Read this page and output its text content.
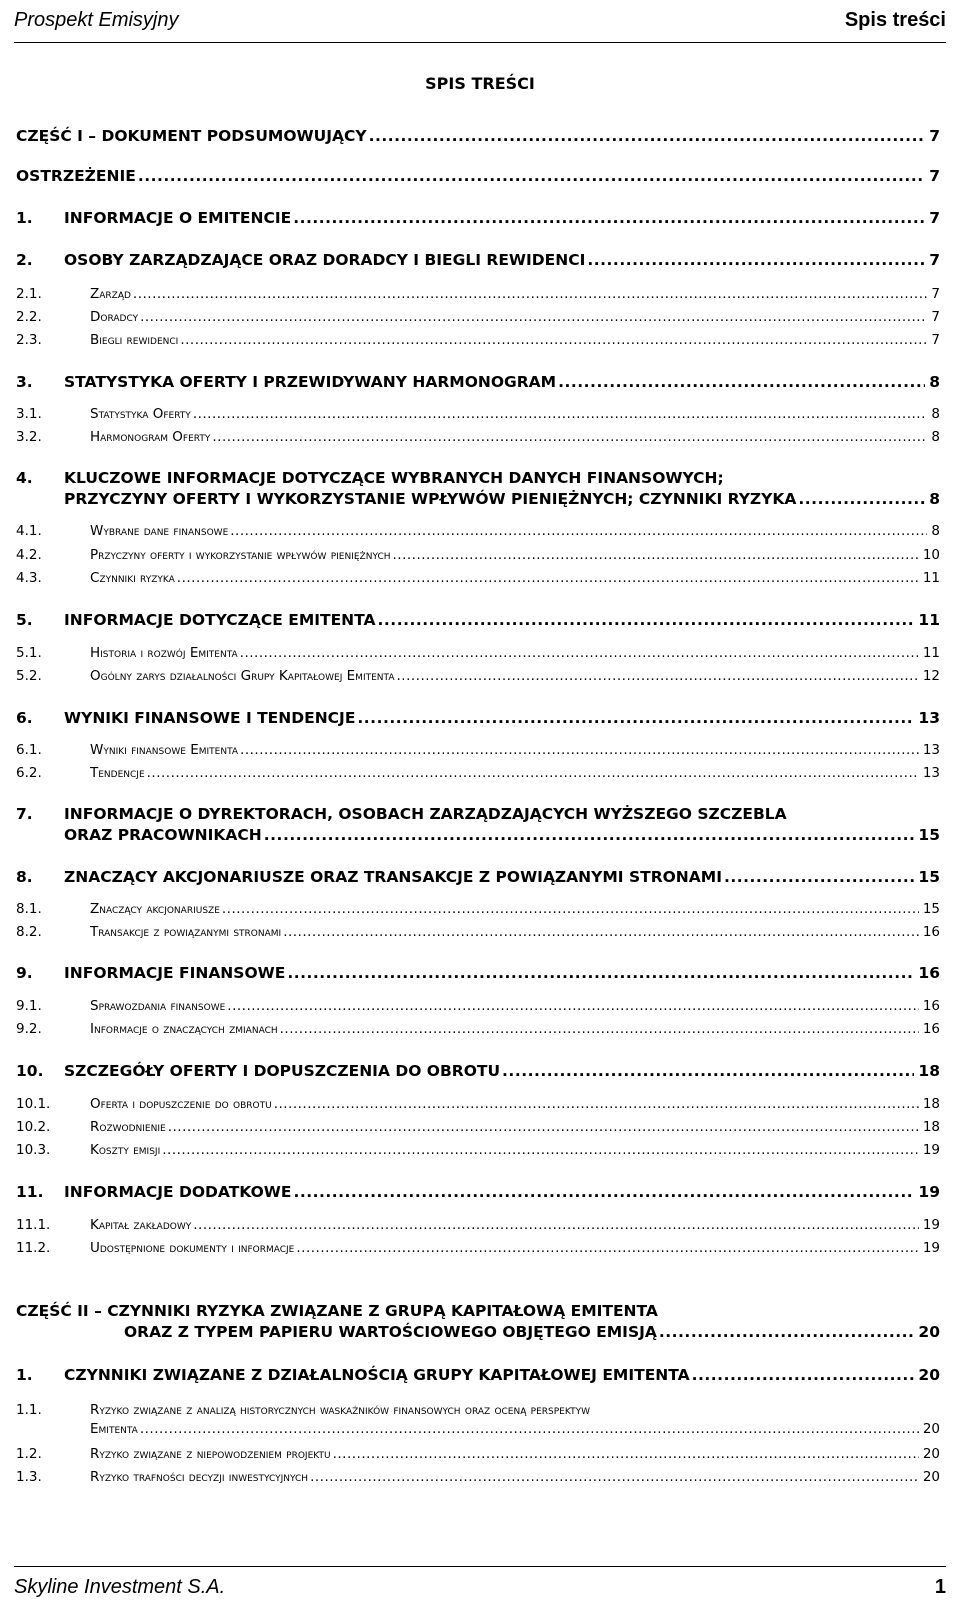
Prospekt Emisyjny	Spis treści
SPIS TREŚCI
CZĘŚĆ I – DOKUMENT PODSUMOWUJĄCY .....	7
OSTRZEŻENIE .....	7
1.	INFORMACJE O EMITENCIE .....	7
2.	OSOBY ZARZĄDZAJĄCE ORAZ DORADCY I BIEGLI REWIDENCI .....	7
2.1.	Zarząd .....	7
2.2.	Doradcy .....	7
2.3.	Biegli rewidenci .....	7
3.	STATYSTYKA OFERTY I PRZEWIDYWANY HARMONOGRAM .....	8
3.1.	Statystyka Oferty .....	8
3.2.	Harmonogram Oferty .....	8
4.	KLUCZOWE INFORMACJE DOTYCZĄCE WYBRANYCH DANYCH FINANSOWYCH;
PRZYCZYNY OFERTY I WYKORZYSTANIE WPŁYWÓW PIENIĘŻNYCH; CZYNNIKI RYZYKA .....	8
4.1.	Wybrane dane finansowe .....	8
4.2.	Przyczyny oferty i wykorzystanie wpływów pieniężnych .....	10
4.3.	Czynniki ryzyka .....	11
5.	INFORMACJE DOTYCZĄCE EMITENTA .....	11
5.1.	Historia i rozwój Emitenta .....	11
5.2.	Ogólny zarys działalności Grupy Kapitałowej Emitenta .....	12
6.	WYNIKI FINANSOWE I TENDENCJE .....	13
6.1.	Wyniki finansowe Emitenta .....	13
6.2.	Tendencje .....	13
7.	INFORMACJE O DYREKTORACH, OSOBACH ZARZĄDZAJĄCYCH WYŻSZEGO SZCZEBLA
ORAZ PRACOWNIKACH .....	15
8.	ZNACZĄCY AKCJONARIUSZE ORAZ TRANSAKCJE Z POWIĄZANYMI STRONAMI .....	15
8.1.	Znaczący akcjonariusze .....	15
8.2.	Transakcje z powiązanymi stronami .....	16
9.	INFORMACJE FINANSOWE .....	16
9.1.	Sprawozdania finansowe .....	16
9.2.	Informacje o znaczących zmianach .....	16
10.	SZCZEGÓŁY OFERTY I DOPUSZCZENIA DO OBROTU .....	18
10.1.	Oferta i dopuszczenie do obrotu .....	18
10.2.	Rozwodnienie .....	18
10.3.	Koszty emisji .....	19
11.	INFORMACJE DODATKOWE .....	19
11.1.	Kapitał zakładowy .....	19
11.2.	Udostępnione dokumenty i informacje .....	19
CZĘŚĆ II – CZYNNIKI RYZYKA ZWIĄZANE Z GRUPĄ KAPITAŁOWĄ EMITENTA
ORAZ Z TYPEM PAPIERU WARTOŚCIOWEGO OBJĘTEGO EMISJĄ .....	20
1.	CZYNNIKI ZWIĄZANE Z DZIAŁALNOŚCIĄ GRUPY KAPITAŁOWEJ EMITENTA .....	20
1.1.	Ryzyko związane z analizą historycznych waskaźników finansowych oraz oceną perspektyw
Emitenta .....	20
1.2.	Ryzyko związane z niepowodzeniem projektu .....	20
1.3.	Ryzyko trafności decyzji inwestycyjnych .....	20
Skyline Investment S.A.	1
